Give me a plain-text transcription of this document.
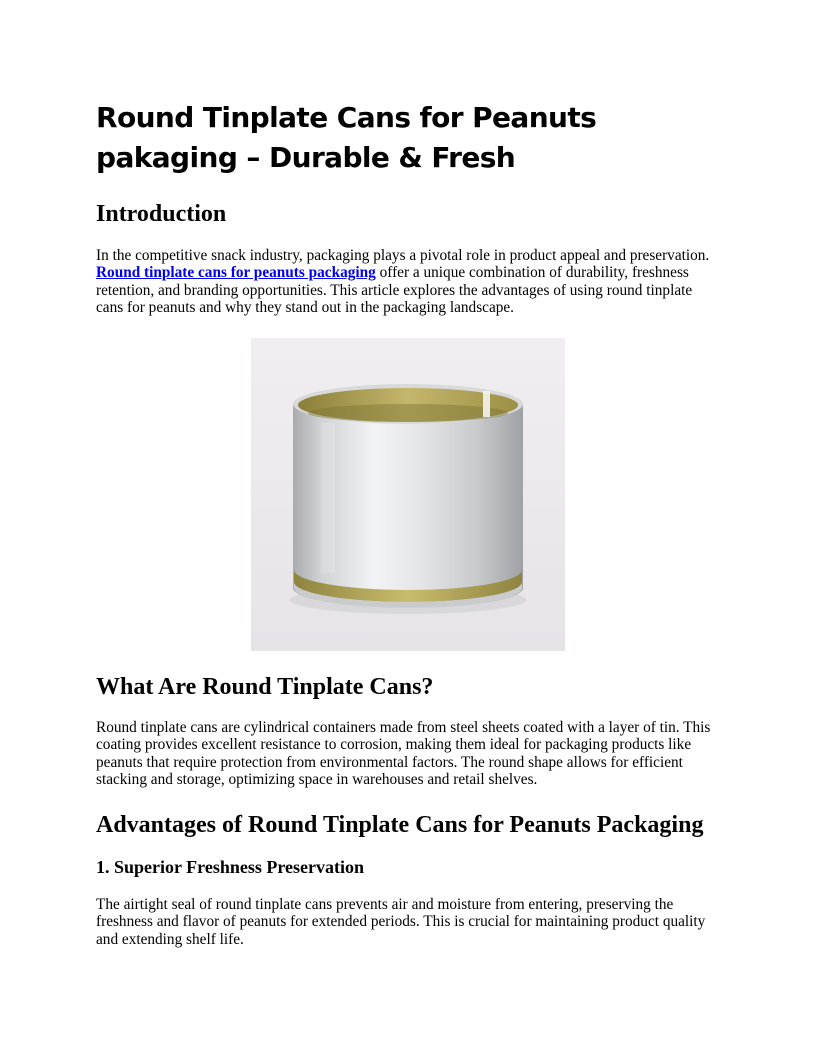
Round Tinplate Cans for Peanuts pakaging – Durable & Fresh
Introduction

In the competitive snack industry, packaging plays a pivotal role in product appeal and preservation. Round tinplate cans for peanuts packaging offer a unique combination of durability, freshness retention, and branding opportunities. This article explores the advantages of using round tinplate cans for peanuts and why they stand out in the packaging landscape.

What Are Round Tinplate Cans?

Round tinplate cans are cylindrical containers made from steel sheets coated with a layer of tin. This coating provides excellent resistance to corrosion, making them ideal for packaging products like peanuts that require protection from environmental factors. The round shape allows for efficient stacking and storage, optimizing space in warehouses and retail shelves.

Advantages of Round Tinplate Cans for Peanuts Packaging
1. Superior Freshness Preservation

The airtight seal of round tinplate cans prevents air and moisture from entering, preserving the freshness and flavor of peanuts for extended periods. This is crucial for maintaining product quality and extending shelf life.
